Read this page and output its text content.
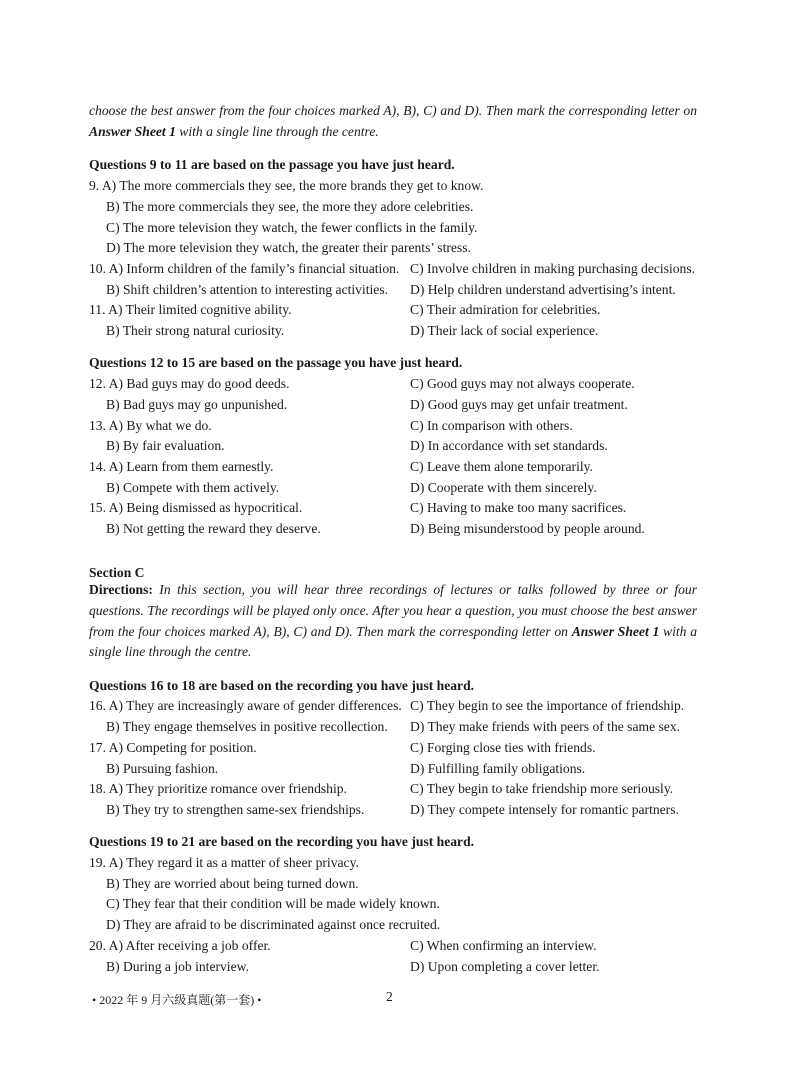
choose the best answer from the four choices marked A), B), C) and D). Then mark the corresponding letter on Answer Sheet 1 with a single line through the centre.
Questions 9 to 11 are based on the passage you have just heard.
9. A) The more commercials they see, the more brands they get to know.
B) The more commercials they see, the more they adore celebrities.
C) The more television they watch, the fewer conflicts in the family.
D) The more television they watch, the greater their parents’ stress.
10. A) Inform children of the family’s financial situation. C) Involve children in making purchasing decisions.
B) Shift children’s attention to interesting activities. D) Help children understand advertising’s intent.
11. A) Their limited cognitive ability.	C) Their admiration for celebrities.
B) Their strong natural curiosity.	D) Their lack of social experience.
Questions 12 to 15 are based on the passage you have just heard.
12. A) Bad guys may do good deeds.	C) Good guys may not always cooperate.
B) Bad guys may go unpunished.	D) Good guys may get unfair treatment.
13. A) By what we do.	C) In comparison with others.
B) By fair evaluation.	D) In accordance with set standards.
14. A) Learn from them earnestly.	C) Leave them alone temporarily.
B) Compete with them actively.	D) Cooperate with them sincerely.
15. A) Being dismissed as hypocritical.	C) Having to make too many sacrifices.
B) Not getting the reward they deserve.	D) Being misunderstood by people around.
Section C
Directions: In this section, you will hear three recordings of lectures or talks followed by three or four questions. The recordings will be played only once. After you hear a question, you must choose the best answer from the four choices marked A), B), C) and D). Then mark the corresponding letter on Answer Sheet 1 with a single line through the centre.
Questions 16 to 18 are based on the recording you have just heard.
16. A) They are increasingly aware of gender differences. C) They begin to see the importance of friendship.
B) They engage themselves in positive recollection. D) They make friends with peers of the same sex.
17. A) Competing for position.	C) Forging close ties with friends.
B) Pursuing fashion.	D) Fulfilling family obligations.
18. A) They prioritize romance over friendship.	C) They begin to take friendship more seriously.
B) They try to strengthen same-sex friendships.	D) They compete intensely for romantic partners.
Questions 19 to 21 are based on the recording you have just heard.
19. A) They regard it as a matter of sheer privacy.
B) They are worried about being turned down.
C) They fear that their condition will be made widely known.
D) They are afraid to be discriminated against once recruited.
20. A) After receiving a job offer.	C) When confirming an interview.
B) During a job interview.	D) Upon completing a cover letter.
• 2022 年 9 月六级真题(第一套) •	2
